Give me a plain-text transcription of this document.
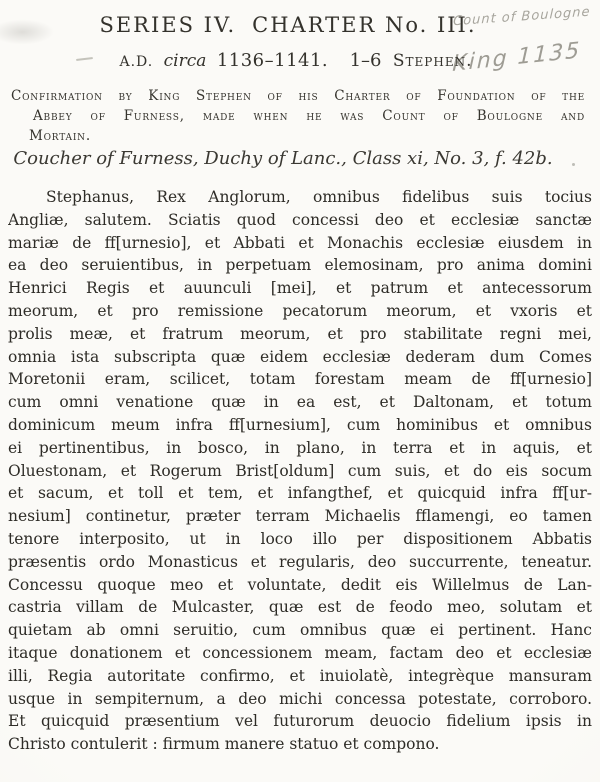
SERIES IV. CHARTER No. III.
Count of Boulogne
King 1135
A.D. circa 1136–1141. 1–6 Stephen.
Confirmation by King Stephen of his Charter of Foundation of the
Abbey of Furness, made when he was Count of Boulogne and
Mortain.
Coucher of Furness, Duchy of Lanc., Class xi, No. 3, f. 42b.
Stephanus, Rex Anglorum, omnibus fidelibus suis tocius
Angliæ, salutem. Sciatis quod concessi deo et ecclesiæ sanctæ
mariæ de ff[urnesio], et Abbati et Monachis ecclesiæ eiusdem in
ea deo seruientibus, in perpetuam elemosinam, pro anima domini
Henrici Regis et auunculi [mei], et patrum et antecessorum
meorum, et pro remissione pecatorum meorum, et vxoris et
prolis meæ, et fratrum meorum, et pro stabilitate regni mei,
omnia ista subscripta quæ eidem ecclesiæ dederam dum Comes
Moretonii eram, scilicet, totam forestam meam de ff[urnesio]
cum omni venatione quæ in ea est, et Daltonam, et totum
dominicum meum infra ff[urnesium], cum hominibus et omnibus
ei pertinentibus, in bosco, in plano, in terra et in aquis, et
Oluestonam, et Rogerum Brist[oldum] cum suis, et do eis socum
et sacum, et toll et tem, et infangthef, et quicquid infra ff[ur-
nesium] continetur, præter terram Michaelis fflamengi, eo tamen
tenore interposito, ut in loco illo per dispositionem Abbatis
præsentis ordo Monasticus et regularis, deo succurrente, teneatur.
Concessu quoque meo et voluntate, dedit eis Willelmus de Lan-
castria villam de Mulcaster, quæ est de feodo meo, solutam et
quietam ab omni seruitio, cum omnibus quæ ei pertinent. Hanc
itaque donationem et concessionem meam, factam deo et ecclesiæ
illi, Regia autoritate confirmo, et inuiolatè, integrèque mansuram
usque in sempiternum, a deo michi concessa potestate, corroboro.
Et quicquid præsentium vel futurorum deuocio fidelium ipsis in
Christo contulerit : firmum manere statuo et compono.
